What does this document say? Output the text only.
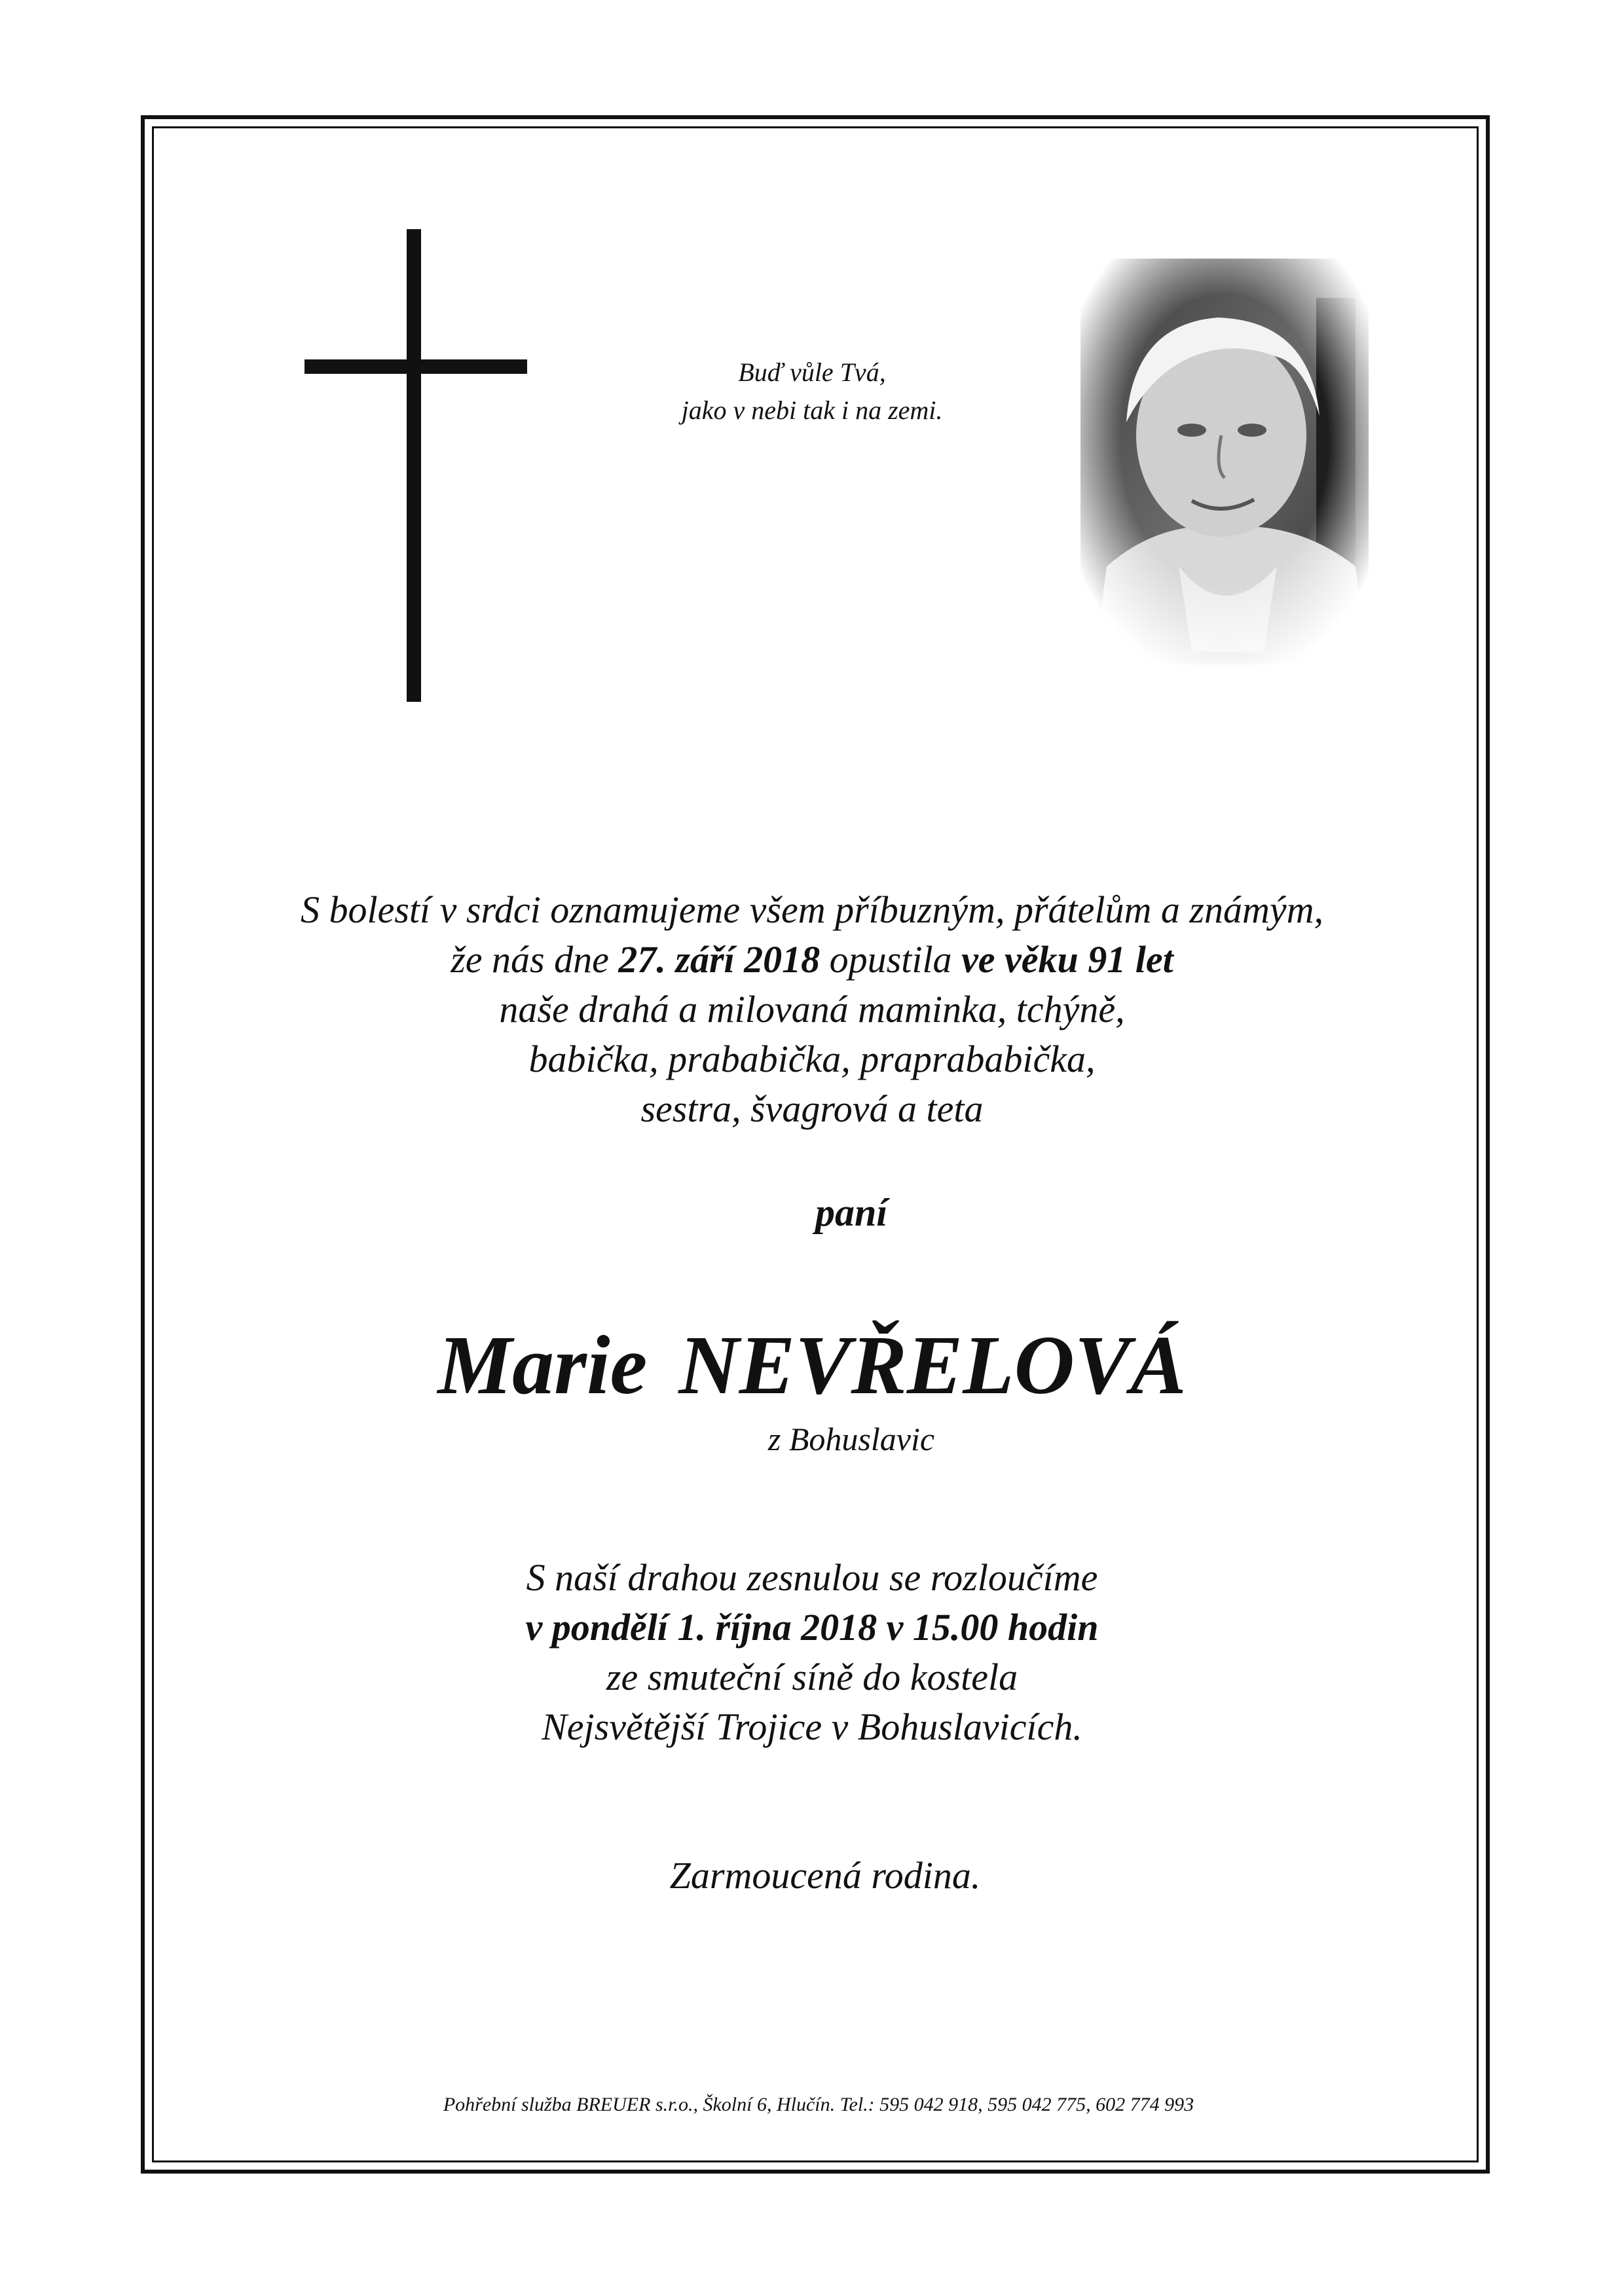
Buď vůle Tvá,
jako v nebi tak i na zemi.
S bolestí v srdci oznamujeme všem příbuzným, přátelům a známým,
že nás dne 27. září 2018 opustila ve věku 91 let
naše drahá a milovaná maminka, tchýně,
babička, prababička, praprababička,
sestra, švagrová a teta
paní
Marie NEVŘELOVÁ
z Bohuslavic
S naší drahou zesnulou se rozloučíme
v pondělí 1. října 2018 v 15.00 hodin
ze smuteční síně do kostela
Nejsvětější Trojice v Bohuslavicích.
Zarmoucená rodina.
Pohřební služba BREUER s.r.o., Školní 6, Hlučín. Tel.: 595 042 918, 595 042 775, 602 774 993
